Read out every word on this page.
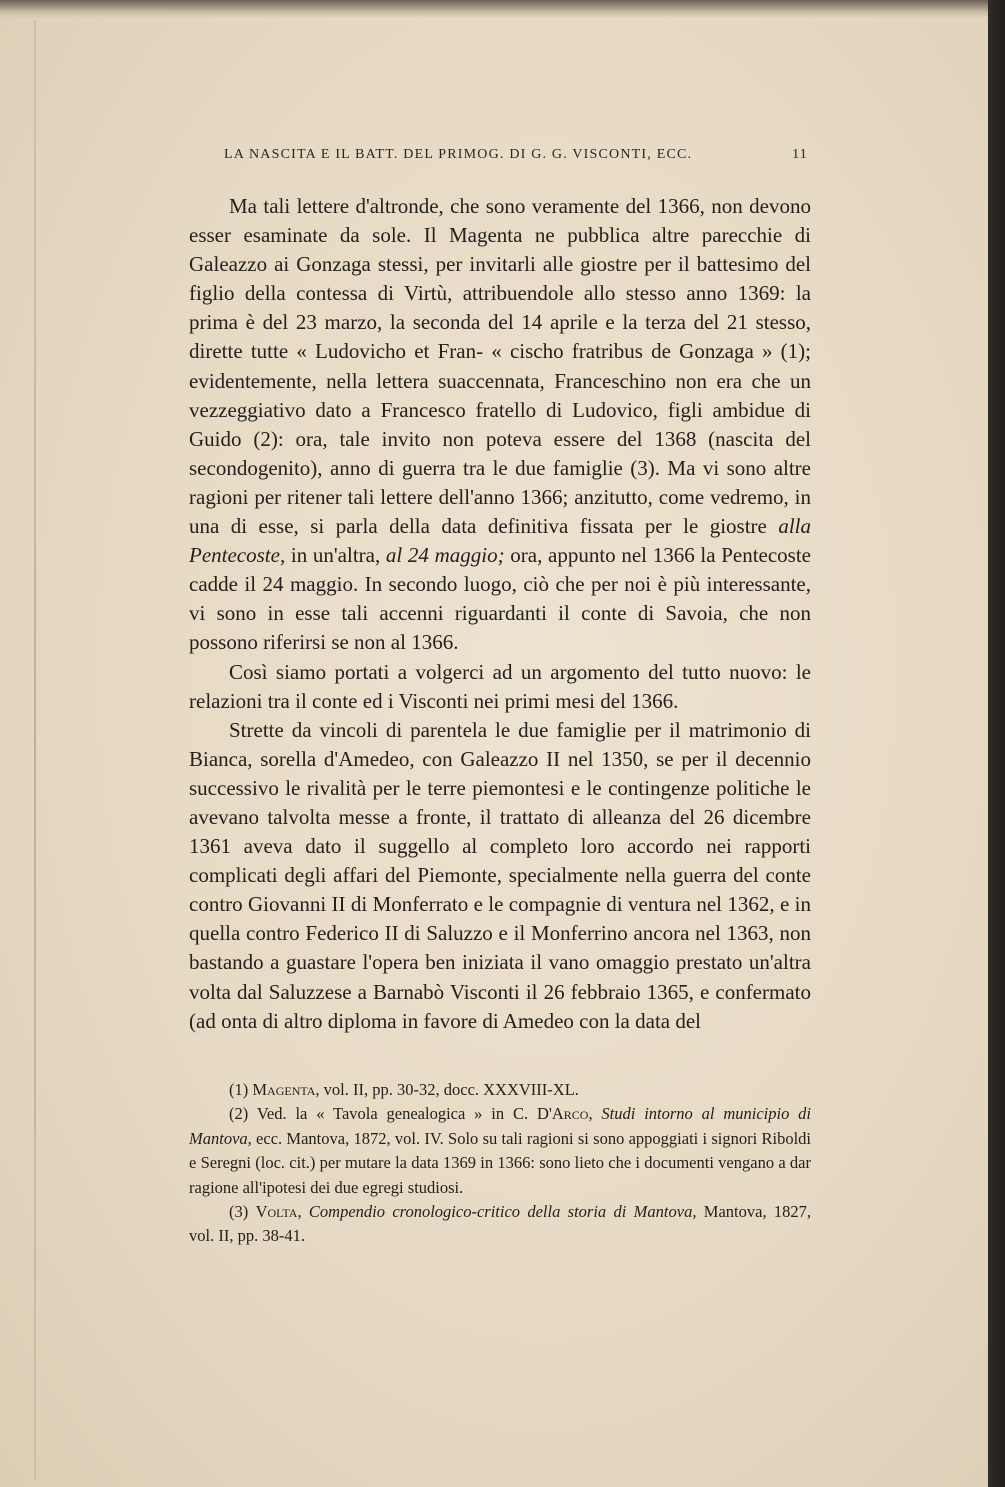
LA NASCITA E IL BATT. DEL PRIMOG. DI G. G. VISCONTI, ECC.	11

Ma tali lettere d'altronde, che sono veramente del 1366, non devono esser esaminate da sole. Il Magenta ne pubblica altre parecchie di Galeazzo ai Gonzaga stessi, per invitarli alle giostre per il battesimo del figlio della contessa di Virtù, attribuendole allo stesso anno 1369: la prima è del 23 marzo, la seconda del 14 aprile e la terza del 21 stesso, dirette tutte « Ludovicho et Fran- « cischo fratribus de Gonzaga » (1); evidentemente, nella lettera suaccennata, Franceschino non era che un vezzeggiativo dato a Francesco fratello di Ludovico, figli ambidue di Guido (2): ora, tale invito non poteva essere del 1368 (nascita del secondogenito), anno di guerra tra le due famiglie (3). Ma vi sono altre ragioni per ritener tali lettere dell'anno 1366; anzitutto, come vedremo, in una di esse, si parla della data definitiva fissata per le giostre alla Pentecoste, in un'altra, al 24 maggio; ora, appunto nel 1366 la Pentecoste cadde il 24 maggio. In secondo luogo, ciò che per noi è più interessante, vi sono in esse tali accenni riguardanti il conte di Savoia, che non possono riferirsi se non al 1366.

Così siamo portati a volgerci ad un argomento del tutto nuovo: le relazioni tra il conte ed i Visconti nei primi mesi del 1366.

Strette da vincoli di parentela le due famiglie per il matrimonio di Bianca, sorella d'Amedeo, con Galeazzo II nel 1350, se per il decennio successivo le rivalità per le terre piemontesi e le contingenze politiche le avevano talvolta messe a fronte, il trattato di alleanza del 26 dicembre 1361 aveva dato il suggello al completo loro accordo nei rapporti complicati degli affari del Piemonte, specialmente nella guerra del conte contro Giovanni II di Monferrato e le compagnie di ventura nel 1362, e in quella contro Federico II di Saluzzo e il Monferrino ancora nel 1363, non bastando a guastare l'opera ben iniziata il vano omaggio prestato un'altra volta dal Saluzzese a Barnabò Visconti il 26 febbraio 1365, e confermato (ad onta di altro diploma in favore di Amedeo con la data del

(1) Magenta, vol. II, pp. 30-32, docc. XXXVIII-XL.

(2) Ved. la « Tavola genealogica » in C. D'Arco, Studi intorno al municipio di Mantova, ecc. Mantova, 1872, vol. IV. Solo su tali ragioni si sono appoggiati i signori Riboldi e Seregni (loc. cit.) per mutare la data 1369 in 1366: sono lieto che i documenti vengano a dar ragione all'ipotesi dei due egregi studiosi.

(3) Volta, Compendio cronologico-critico della storia di Mantova, Mantova, 1827, vol. II, pp. 38-41.
